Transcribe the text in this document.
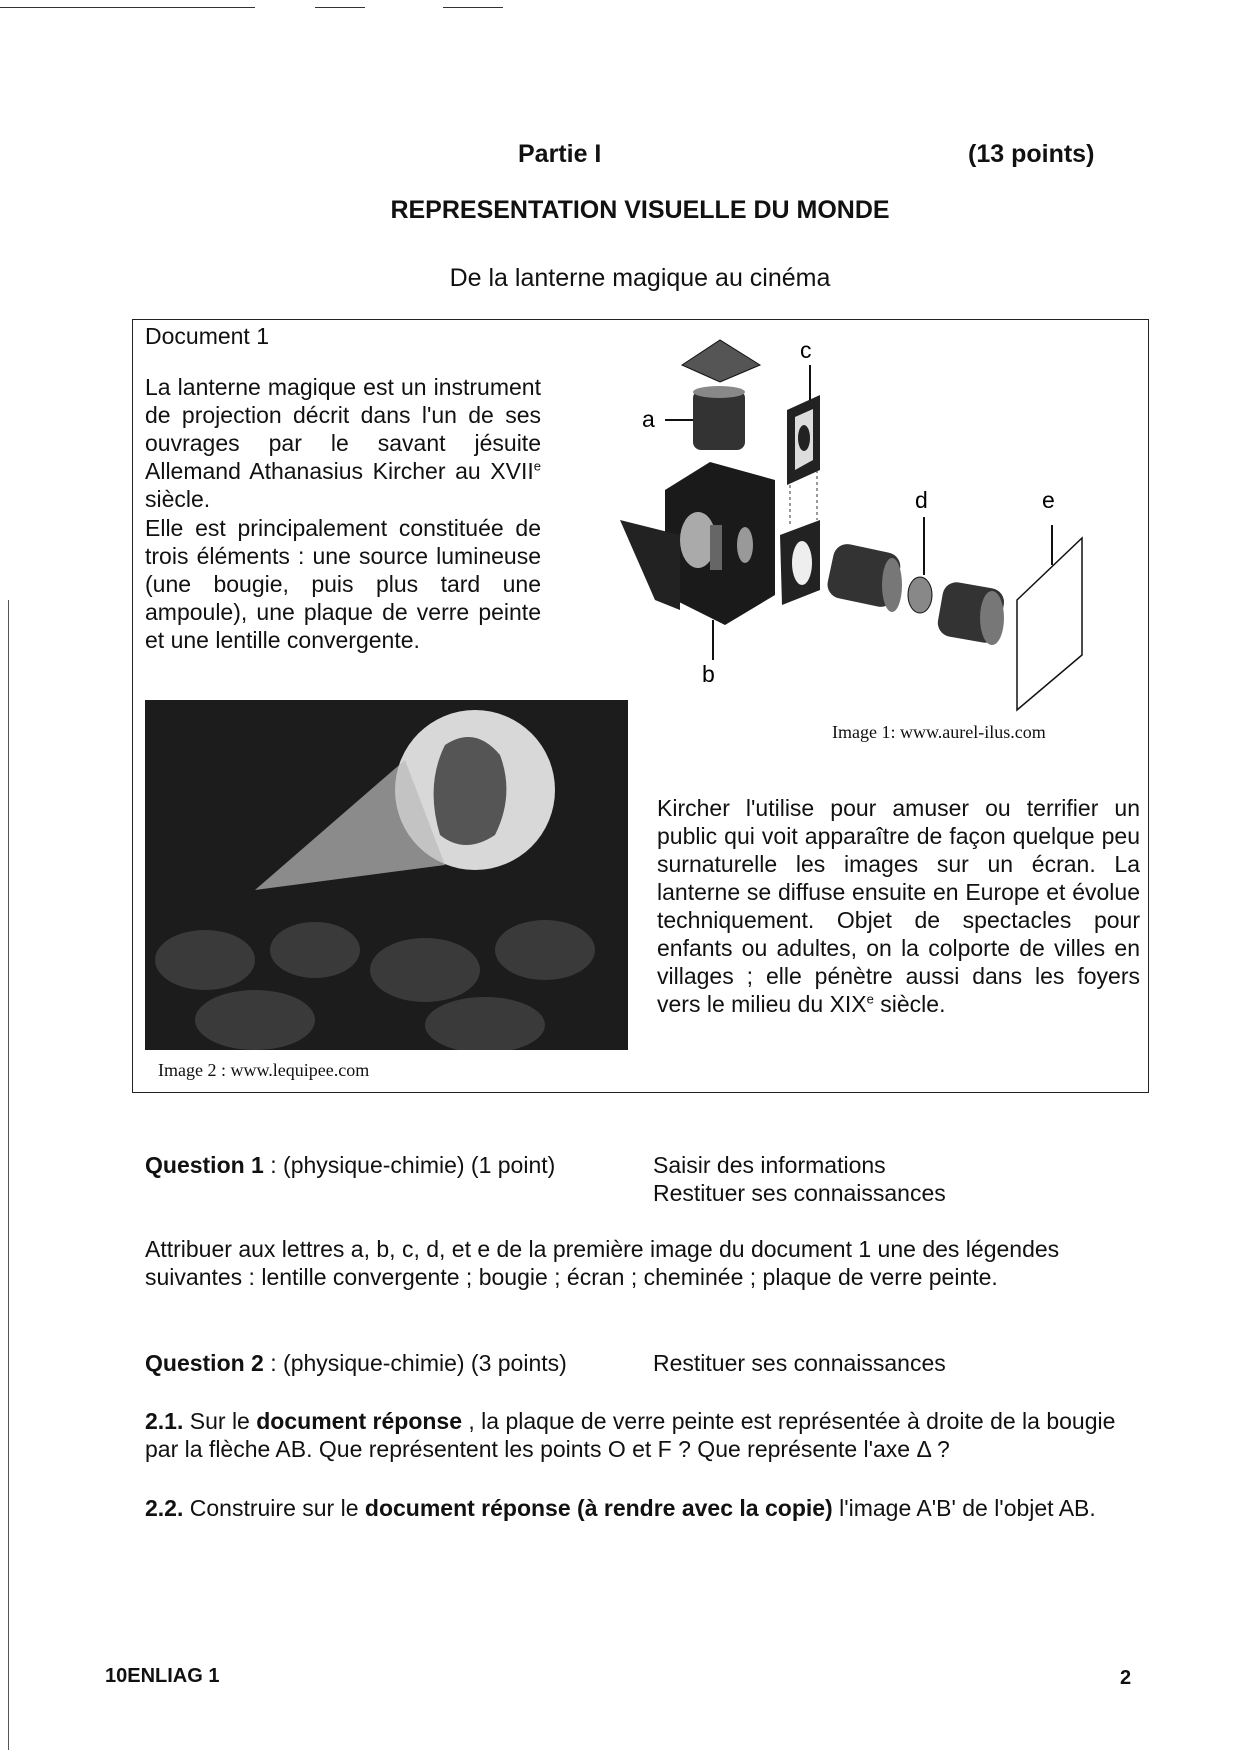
Partie I	(13 points)
REPRESENTATION VISUELLE DU MONDE
De la lanterne magique au cinéma
Document 1
La lanterne magique est un instrument de projection décrit dans l'un de ses ouvrages par le savant jésuite Allemand Athanasius Kircher au XVIIe siècle.
Elle est principalement constituée de trois éléments : une source lumineuse (une bougie, puis plus tard une ampoule), une plaque de verre peinte et une lentille convergente.
a
b
c
d	e
Image 1: www.aurel-ilus.com
Image 2 : www.lequipee.com
Kircher l'utilise pour amuser ou terrifier un public qui voit apparaître de façon quelque peu surnaturelle les images sur un écran. La lanterne se diffuse ensuite en Europe et évolue techniquement. Objet de spectacles pour enfants ou adultes, on la colporte de villes en villages ; elle pénètre aussi dans les foyers vers le milieu du XIXe siècle.
Question 1 : (physique-chimie) (1 point)	Saisir des informations
Restituer ses connaissances
Attribuer aux lettres a, b, c, d, et e de la première image du document 1 une des légendes suivantes : lentille convergente ; bougie ; écran ; cheminée ; plaque de verre peinte.
Question 2 : (physique-chimie) (3 points)	Restituer ses connaissances
2.1. Sur le document réponse , la plaque de verre peinte est représentée à droite de la bougie par la flèche AB. Que représentent les points O et F ? Que représente l'axe Δ ?
2.2. Construire sur le document réponse (à rendre avec la copie) l'image A'B' de l'objet AB.
10ENLIAG 1	2
